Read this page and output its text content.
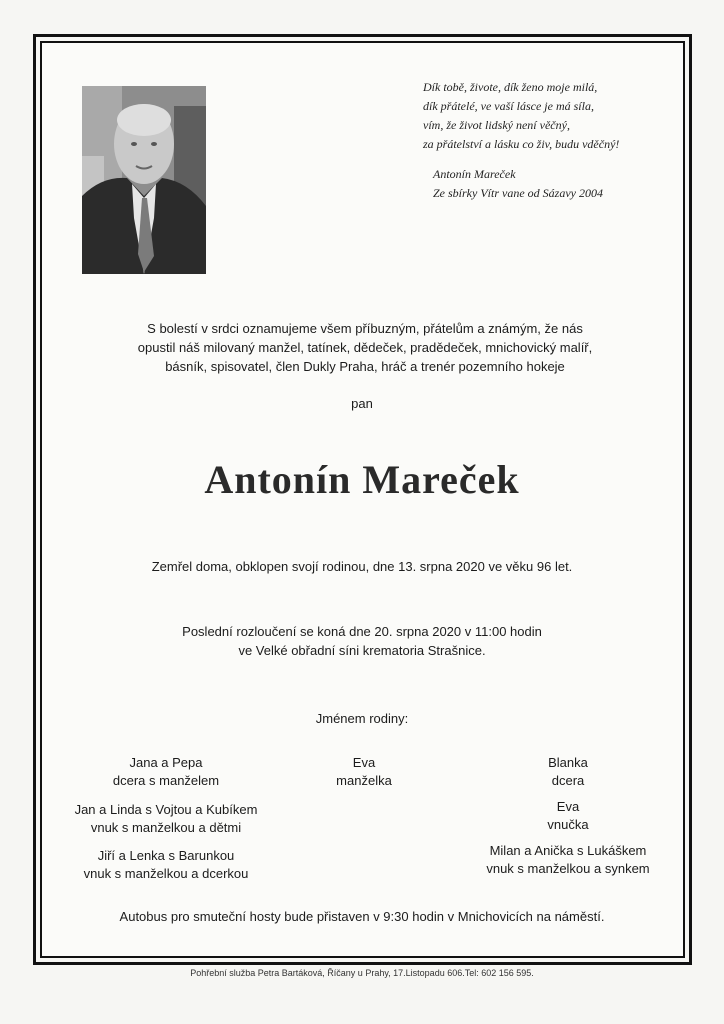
Dík tobě, živote, dík ženo moje milá,
dík přátelé, ve vaší lásce je má síla,
vím, že život lidský není věčný,
za přátelství a lásku co živ, budu vděčný!
Antonín Mareček
Ze sbírky Vítr vane od Sázavy 2004
S bolestí v srdci oznamujeme všem příbuzným, přátelům a známým, že nás
opustil náš milovaný manžel, tatínek, dědeček, pradědeček, mnichovický malíř,
básník, spisovatel, člen Dukly Praha, hráč a trenér pozemního hokeje
pan
Antonín Mareček
Zemřel doma, obklopen svojí rodinou, dne 13. srpna 2020 ve věku 96 let.
Poslední rozloučení se koná dne 20. srpna 2020 v 11:00 hodin
ve Velké obřadní síni krematoria Strašnice.
Jménem rodiny:
Jana a Pepa
dcera s manželem
Jan a Linda s Vojtou a Kubíkem
vnuk s manželkou a dětmi
Jiří a Lenka s Barunkou
vnuk s manželkou a dcerkou
Eva
manželka
Blanka
dcera
Eva
vnučka
Milan a Anička s Lukáškem
vnuk s manželkou a synkem
Autobus pro smuteční hosty bude přistaven v 9:30 hodin v Mnichovicích na náměstí.
Pohřební služba Petra Bartáková, Říčany u Prahy, 17.Listopadu 606.Tel: 602 156 595.
